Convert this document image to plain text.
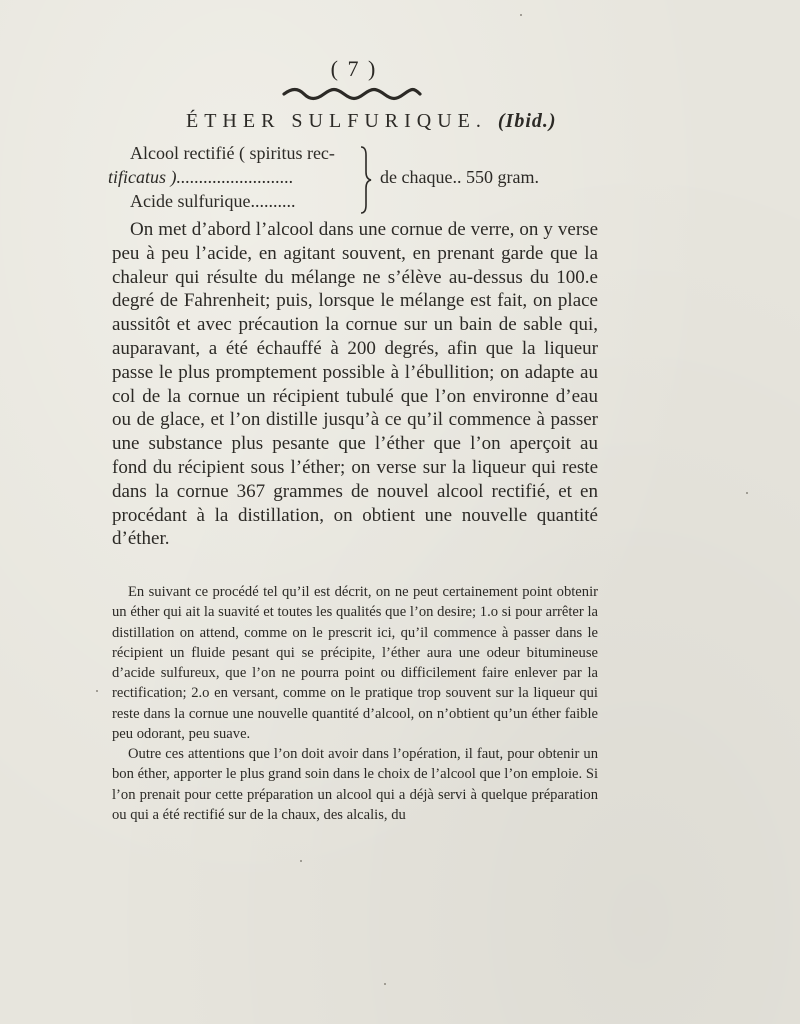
( 7 )
ÉTHER SULFURIQUE. (Ibid.)
Alcool rectifié ( spiritus rec-
tificatus )..........................
Acide sulfurique..........
de chaque.. 550 gram.

On met d’abord l’alcool dans une cornue de verre, on y verse peu à peu l’acide, en agitant souvent, en prenant garde que la chaleur qui résulte du mélange ne s’élève au-dessus du 100.e degré de Fahrenheit; puis, lorsque le mélange est fait, on place aussitôt et avec précaution la cornue sur un bain de sable qui, auparavant, a été échauffé à 200 degrés, afin que la liqueur passe le plus promptement possible à l’ébullition; on adapte au col de la cornue un récipient tubulé que l’on environne d’eau ou de glace, et l’on distille jusqu’à ce qu’il commence à passer une substance plus pesante que l’éther que l’on aperçoit au fond du récipient sous l’éther; on verse sur la liqueur qui reste dans la cornue 367 grammes de nouvel alcool rectifié, et en procédant à la distillation, on obtient une nouvelle quantité d’éther.

En suivant ce procédé tel qu’il est décrit, on ne peut certainement point obtenir un éther qui ait la suavité et toutes les qualités que l’on desire; 1.o si pour arrêter la distillation on attend, comme on le prescrit ici, qu’il commence à passer dans le récipient un fluide pesant qui se précipite, l’éther aura une odeur bitumineuse d’acide sulfureux, que l’on ne pourra point ou difficilement faire enlever par la rectification; 2.o en versant, comme on le pratique trop souvent sur la liqueur qui reste dans la cornue une nouvelle quantité d’alcool, on n’obtient qu’un éther faible peu odorant, peu suave.

Outre ces attentions que l’on doit avoir dans l’opération, il faut, pour obtenir un bon éther, apporter le plus grand soin dans le choix de l’alcool que l’on emploie. Si l’on prenait pour cette préparation un alcool qui a déjà servi à quelque préparation ou qui a été rectifié sur de la chaux, des alcalis, du
